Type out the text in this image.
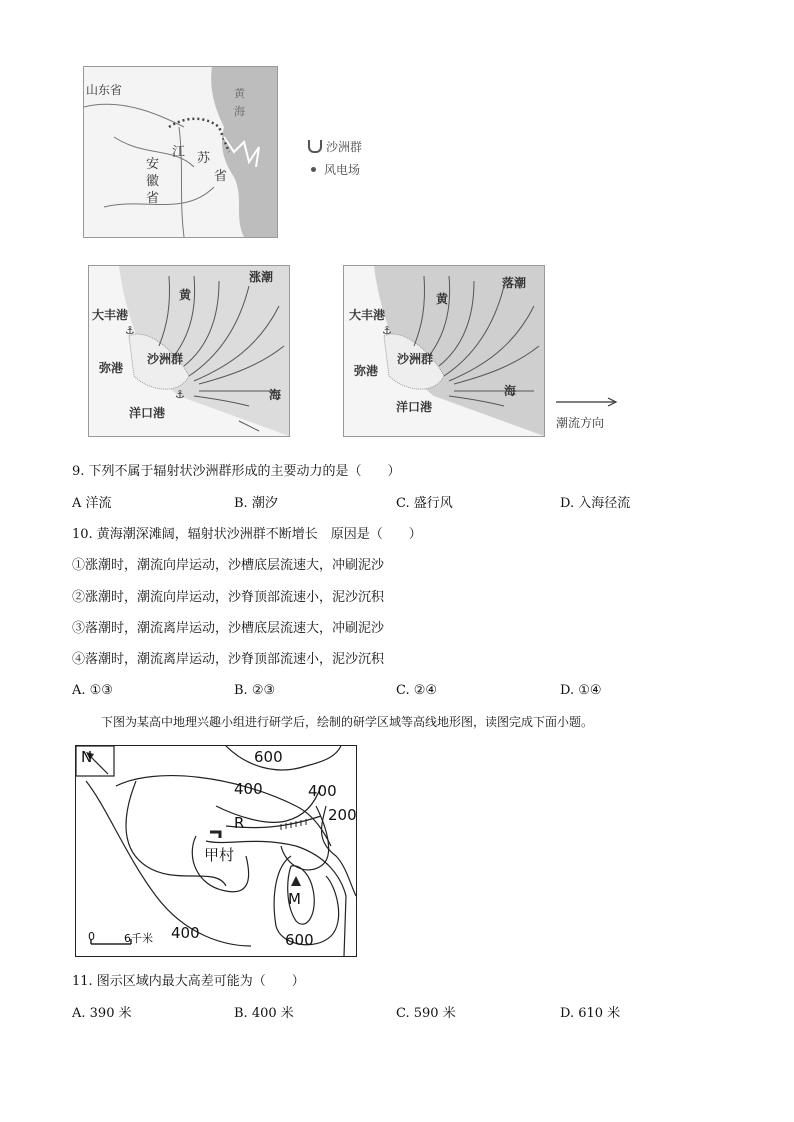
山东省
江 苏
省
安
徽
省
黄
海
沙洲群
风电场
涨潮
黄
海
大丰港
⚓
沙洲群
弥港
洋口港
⚓
落潮
黄
海
大丰港
⚓
沙洲群
弥港
洋口港
潮流方向
9. 下列不属于辐射状沙洲群形成的主要动力的是（　　）
A 洋流	B. 潮汐	C. 盛行风	D. 入海径流
10. 黄海潮深滩阔，辐射状沙洲群不断增长　原因是（　　）
①涨潮时，潮流向岸运动，沙槽底层流速大，冲刷泥沙
②涨潮时，潮流向岸运动，沙脊顶部流速小，泥沙沉积
③落潮时，潮流离岸运动，沙槽底层流速大，冲刷泥沙
④落潮时，潮流离岸运动，沙脊顶部流速小，泥沙沉积
A. ①③	B. ②③	C. ②④	D. ①④
下图为某高中地理兴趣小组进行研学后，绘制的研学区域等高线地形图，读图完成下面小题。
N	600
400	400
200
400	600
R
甲村
M
0	6千米
11. 图示区域内最大高差可能为（　　）
A. 390 米	B. 400 米	C. 590 米	D. 610 米
